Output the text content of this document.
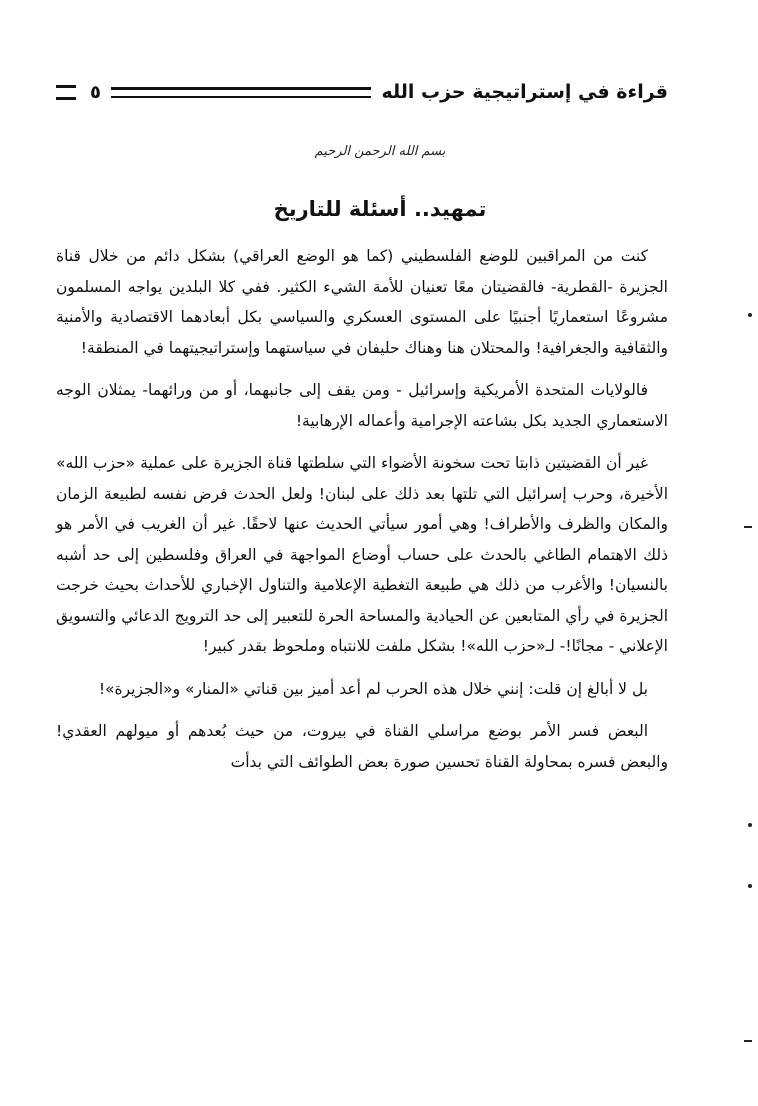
قراءة في إستراتيجية حزب الله
٥
بسم الله الرحمن الرحيم
تمهيد.. أسئلة للتاريخ

كنت من المراقبين للوضع الفلسطيني (كما هو الوضع العراقي) بشكل دائم من خلال قناة الجزيرة -القطرية- فالقضيتان معًا تعنيان للأمة الشيء الكثير. ففي كلا البلدين يواجه المسلمون مشروعًا استعماريًا أجنبيًا على المستوى العسكري والسياسي بكل أبعادهما الاقتصادية والأمنية والثقافية والجغرافية! والمحتلان هنا وهناك حليفان في سياستهما وإستراتيجيتهما في المنطقة!

فالولايات المتحدة الأمريكية وإسرائيل - ومن يقف إلى جانبهما، أو من ورائهما- يمثلان الوجه الاستعماري الجديد بكل بشاعته الإجرامية وأعماله الإرهابية!

غير أن القضيتين ذابتا تحت سخونة الأضواء التي سلطتها قناة الجزيرة على عملية «حزب الله» الأخيرة، وحرب إسرائيل التي تلتها بعد ذلك على لبنان! ولعل الحدث فرض نفسه لطبيعة الزمان والمكان والظرف والأطراف! وهي أمور سيأتي الحديث عنها لاحقًا. غير أن الغريب في الأمر هو ذلك الاهتمام الطاغي بالحدث على حساب أوضاع المواجهة في العراق وفلسطين إلى حد أشبه بالنسيان! والأغرب من ذلك هي طبيعة التغطية الإعلامية والتناول الإخباري للأحداث بحيث خرجت الجزيرة في رأي المتابعين عن الحيادية والمساحة الحرة للتعبير إلى حد الترويج الدعائي والتسويق الإعلاني - مجانًا!- لـ«حزب الله»! بشكل ملفت للانتباه وملحوظ بقدر كبير!

بل لا أبالغ إن قلت: إنني خلال هذه الحرب لم أعد أميز بين قناتي «المنار» و«الجزيرة»!

البعض فسر الأمر بوضع مراسلي القناة في بيروت، من حيث بُعدهم أو ميولهم العقدي! والبعض فسره بمحاولة القناة تحسين صورة بعض الطوائف التي بدأت
